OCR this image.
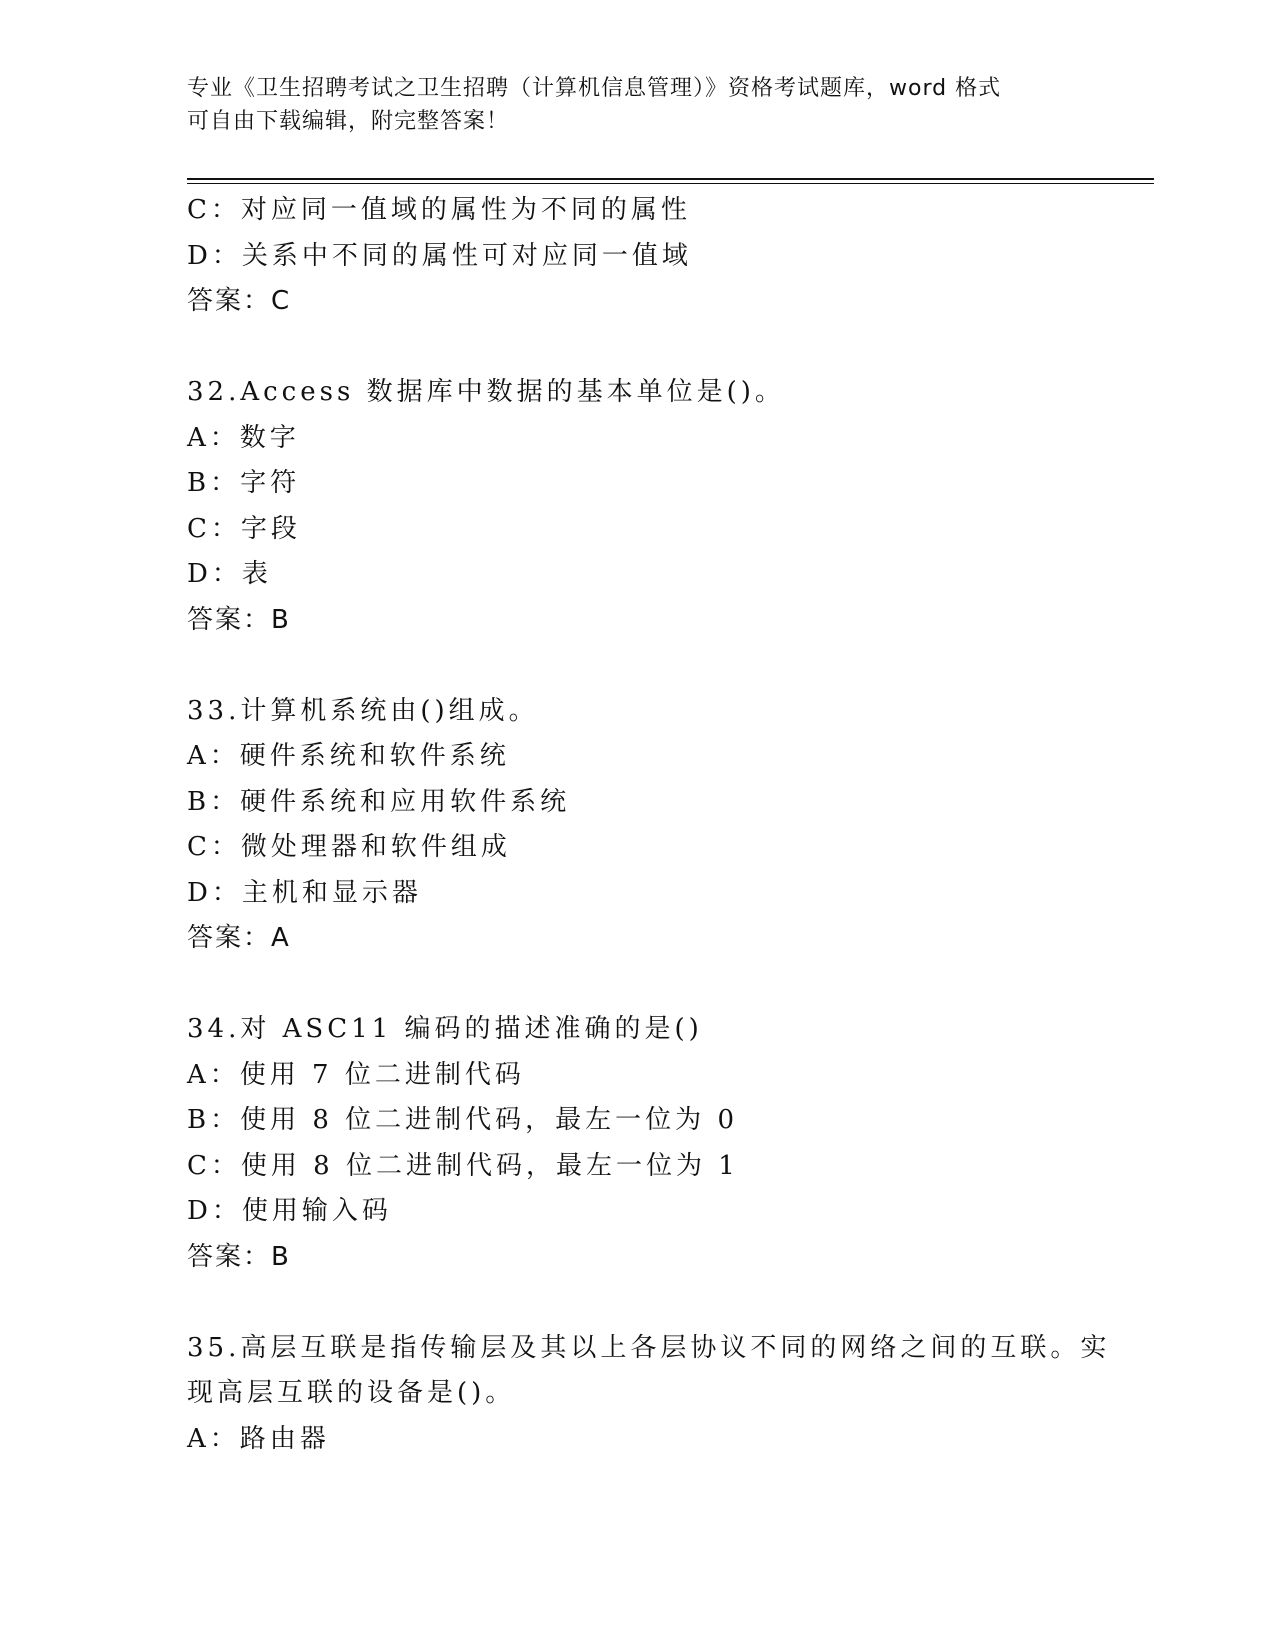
专业《卫生招聘考试之卫生招聘（计算机信息管理）》资格考试题库，word 格式
可自由下载编辑，附完整答案！
C：对应同一值域的属性为不同的属性
D：关系中不同的属性可对应同一值域
答案：C
32.Access 数据库中数据的基本单位是()。
A：数字
B：字符
C：字段
D：表
答案：B
33.计算机系统由()组成。
A：硬件系统和软件系统
B：硬件系统和应用软件系统
C：微处理器和软件组成
D：主机和显示器
答案：A
34.对 ASC11 编码的描述准确的是()
A：使用 7 位二进制代码
B：使用 8 位二进制代码，最左一位为 0
C：使用 8 位二进制代码，最左一位为 1
D：使用输入码
答案：B
35.高层互联是指传输层及其以上各层协议不同的网络之间的互联。实
现高层互联的设备是()。
A：路由器
